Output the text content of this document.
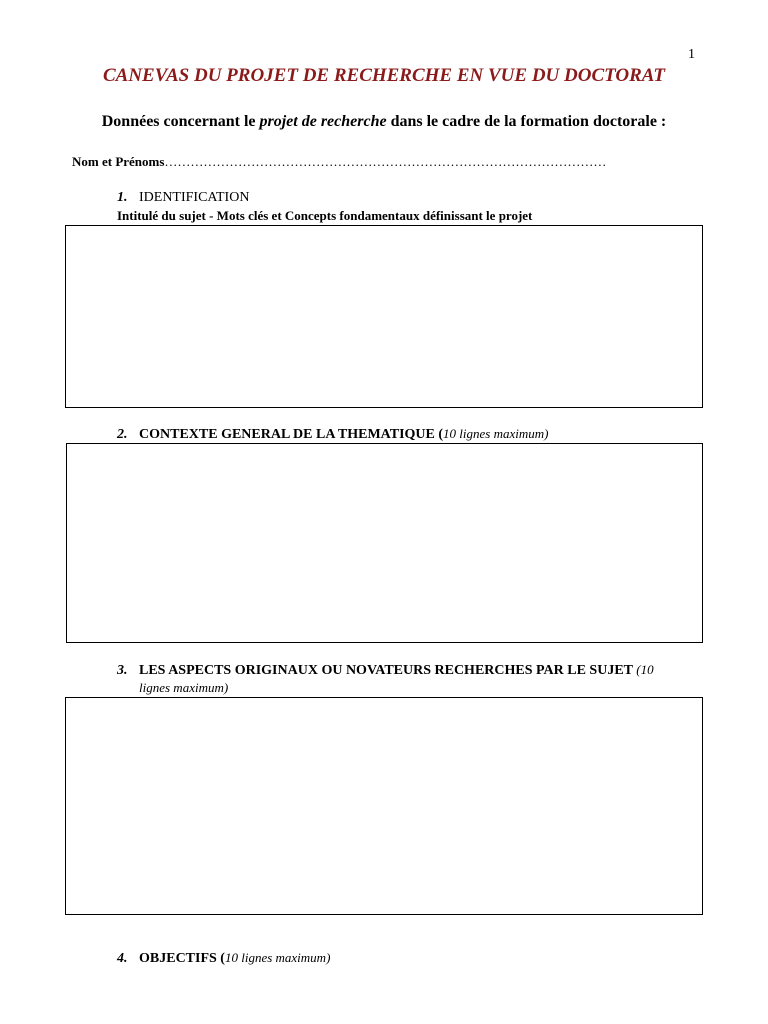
1
CANEVAS DU PROJET DE RECHERCHE EN VUE DU DOCTORAT
Données concernant le projet de recherche dans le cadre de la formation doctorale :
Nom et Prénoms…………………………………………………………………………………………
1. IDENTIFICATION
Intitulé du sujet - Mots clés et Concepts fondamentaux définissant le projet
2. CONTEXTE GENERAL DE LA THEMATIQUE (10 lignes maximum)
3. LES ASPECTS ORIGINAUX OU NOVATEURS RECHERCHES PAR LE SUJET (10
lignes maximum)
4. OBJECTIFS (10 lignes maximum)
